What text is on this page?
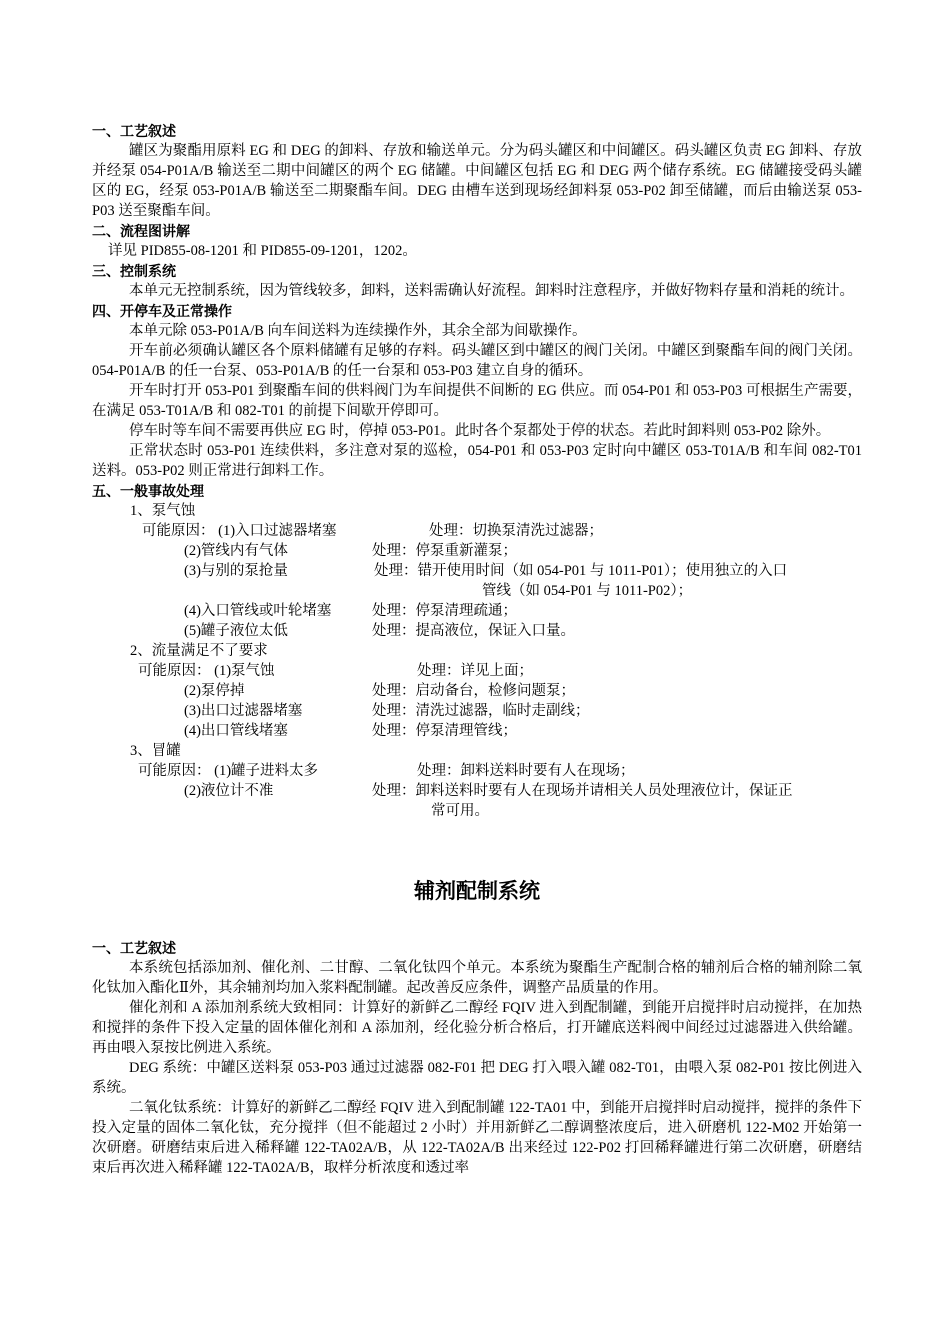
一、工艺叙述

罐区为聚酯用原料 EG 和 DEG 的卸料、存放和输送单元。分为码头罐区和中间罐区。码头罐区负责 EG 卸料、存放并经泵 054-P01A/B 输送至二期中间罐区的两个 EG 储罐。中间罐区包括 EG 和 DEG 两个储存系统。EG 储罐接受码头罐区的 EG，经泵 053-P01A/B 输送至二期聚酯车间。DEG 由槽车送到现场经卸料泵 053-P02 卸至储罐，而后由输送泵 053-P03 送至聚酯车间。

二、流程图讲解

详见 PID855-08-1201 和 PID855-09-1201，1202。

三、控制系统

本单元无控制系统，因为管线较多，卸料，送料需确认好流程。卸料时注意程序，并做好物料存量和消耗的统计。

四、开停车及正常操作

本单元除 053-P01A/B 向车间送料为连续操作外，其余全部为间歇操作。

开车前必须确认罐区各个原料储罐有足够的存料。码头罐区到中罐区的阀门关闭。中罐区到聚酯车间的阀门关闭。054-P01A/B 的任一台泵、053-P01A/B 的任一台泵和 053-P03 建立自身的循环。

开车时打开 053-P01 到聚酯车间的供料阀门为车间提供不间断的 EG 供应。而 054-P01 和 053-P03 可根据生产需要，在满足 053-T01A/B 和 082-T01 的前提下间歇开停即可。

停车时等车间不需要再供应 EG 时，停掉 053-P01。此时各个泵都处于停的状态。若此时卸料则 053-P02 除外。

正常状态时 053-P01 连续供料，多注意对泵的巡检，054-P01 和 053-P03 定时向中罐区 053-T01A/B 和车间 082-T01 送料。053-P02 则正常进行卸料工作。

五、一般事故处理
1、泵气蚀
可能原因： (1)入口过滤器堵塞	处理：切换泵清洗过滤器；
(2)管线内有气体	处理：停泵重新灌泵；
(3)与别的泵抢量	处理：错开使用时间（如 054-P01 与 1011-P01）；使用独立的入口
管线（如 054-P01 与 1011-P02）；
(4)入口管线或叶轮堵塞	处理：停泵清理疏通；
(5)罐子液位太低	处理：提高液位，保证入口量。
2、流量满足不了要求
可能原因： (1)泵气蚀	处理：详见上面；
(2)泵停掉	处理：启动备台，检修问题泵；
(3)出口过滤器堵塞	处理：清洗过滤器，临时走副线；
(4)出口管线堵塞	处理：停泵清理管线；
3、冒罐
可能原因： (1)罐子进料太多	处理：卸料送料时要有人在现场；
(2)液位计不准	处理：卸料送料时要有人在现场并请相关人员处理液位计，保证正
常可用。
辅剂配制系统
一、工艺叙述

本系统包括添加剂、催化剂、二甘醇、二氧化钛四个单元。本系统为聚酯生产配制合格的辅剂后合格的辅剂除二氧化钛加入酯化Ⅱ外，其余辅剂均加入浆料配制罐。起改善反应条件，调整产品质量的作用。

催化剂和 A 添加剂系统大致相同：计算好的新鲜乙二醇经 FQIV 进入到配制罐，到能开启搅拌时启动搅拌，在加热和搅拌的条件下投入定量的固体催化剂和 A 添加剂，经化验分析合格后，打开罐底送料阀中间经过过滤器进入供给罐。再由喂入泵按比例进入系统。

DEG 系统：中罐区送料泵 053-P03 通过过滤器 082-F01 把 DEG 打入喂入罐 082-T01，由喂入泵 082-P01 按比例进入系统。

二氧化钛系统：计算好的新鲜乙二醇经 FQIV 进入到配制罐 122-TA01 中，到能开启搅拌时启动搅拌，搅拌的条件下投入定量的固体二氧化钛，充分搅拌（但不能超过 2 小时）并用新鲜乙二醇调整浓度后，进入研磨机 122-M02 开始第一次研磨。研磨结束后进入稀释罐 122-TA02A/B，从 122-TA02A/B 出来经过 122-P02 打回稀释罐进行第二次研磨，研磨结束后再次进入稀释罐 122-TA02A/B，取样分析浓度和透过率
